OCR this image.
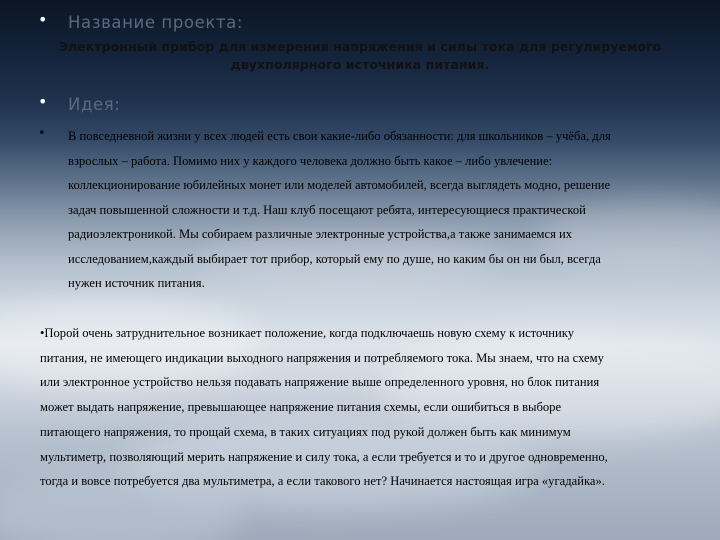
• Название проекта:
Электронный прибор для измерения напряжения и силы тока для регулируемого
двухполярного источника питания.
• Идея:
• В повседневной жизни у всех людей есть свои какие-либо обязанности: для школьников – учёба, для
взрослых – работа. Помимо них у каждого человека должно быть какое – либо увлечение:
коллекционирование юбилейных монет или моделей автомобилей, всегда выглядеть модно, решение
задач повышенной сложности и т.д. Наш клуб посещают ребята, интересующиеся практической
радиоэлектроникой. Мы собираем различные электронные устройства,а также занимаемся их
исследованием,каждый выбирает тот прибор, который ему по душе, но каким бы он ни был, всегда
нужен источник питания.
•Порой очень затруднительное возникает положение, когда подключаешь новую схему к источнику
питания, не имеющего индикации выходного напряжения и потребляемого тока. Мы знаем, что на схему
или электронное устройство нельзя подавать напряжение выше определенного уровня, но блок питания
может выдать напряжение, превышающее напряжение питания схемы, если ошибиться в выборе
питающего напряжения, то прощай схема, в таких ситуациях под рукой должен быть как минимум
мультиметр, позволяющий мерить напряжение и силу тока, а если требуется и то и другое одновременно,
тогда и вовсе потребуется два мультиметра, а если такового нет? Начинается настоящая игра «угадайка».
